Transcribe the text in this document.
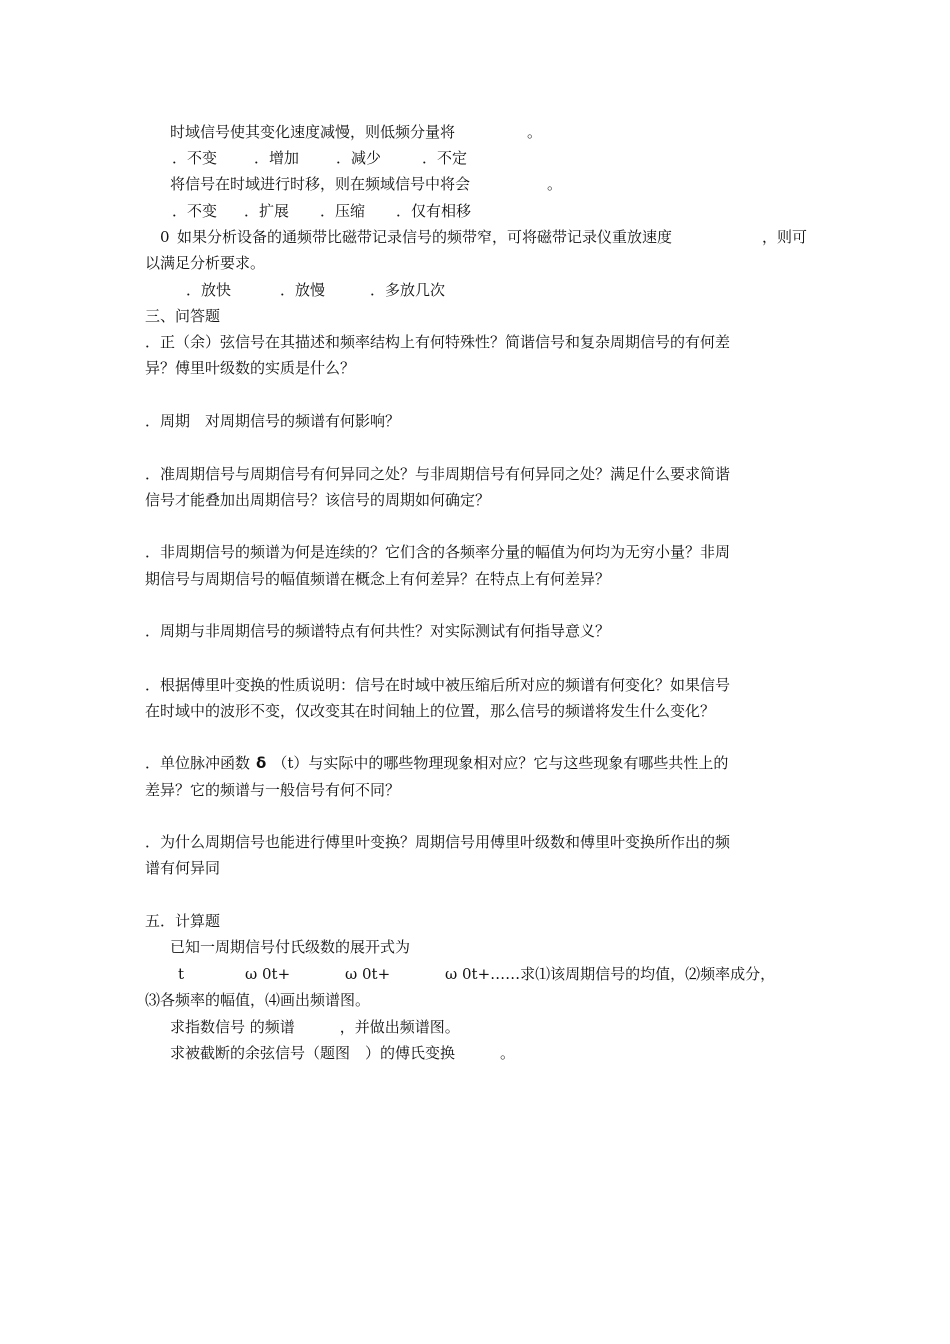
时域信号使其变化速度减慢，则低频分量将	。
．不变 ．增加 ．减少	．不定
将信号在时域进行时移，则在频域信号中将会	。
．不变 ．扩展 ．压缩 ．仅有相移
0 如果分析设备的通频带比磁带记录信号的频带窄，可将磁带记录仪重放速度	，则可
以满足分析要求。
．放快	．放慢	．多放几次
三、问答题
．正（余）弦信号在其描述和频率结构上有何特殊性？简谐信号和复杂周期信号的有何差
异？傅里叶级数的实质是什么？
．周期　对周期信号的频谱有何影响？
．准周期信号与周期信号有何异同之处？与非周期信号有何异同之处？满足什么要求简谐
信号才能叠加出周期信号？该信号的周期如何确定？
．非周期信号的频谱为何是连续的？它们含的各频率分量的幅值为何均为无穷小量？非周
期信号与周期信号的幅值频谱在概念上有何差异？在特点上有何差异？
．周期与非周期信号的频谱特点有何共性？对实际测试有何指导意义？
．根据傅里叶变换的性质说明：信号在时域中被压缩后所对应的频谱有何变化？如果信号
在时域中的波形不变，仅改变其在时间轴上的位置，那么信号的频谱将发生什么变化？
．单位脉冲函数 δ （t）与实际中的哪些物理现象相对应？它与这些现象有哪些共性上的
差异？它的频谱与一般信号有何不同？
．为什么周期信号也能进行傅里叶变换？周期信号用傅里叶级数和傅里叶变换所作出的频
谱有何异同
五．计算题
已知一周期信号付氏级数的展开式为
t	ω 0t+	ω 0t+	ω 0t+……求⑴该周期信号的均值，⑵频率成分，
⑶各频率的幅值，⑷画出频谱图。
求指数信号 的频谱　　　，并做出频谱图。
求被截断的余弦信号（题图　）的傅氏变换　　　。
